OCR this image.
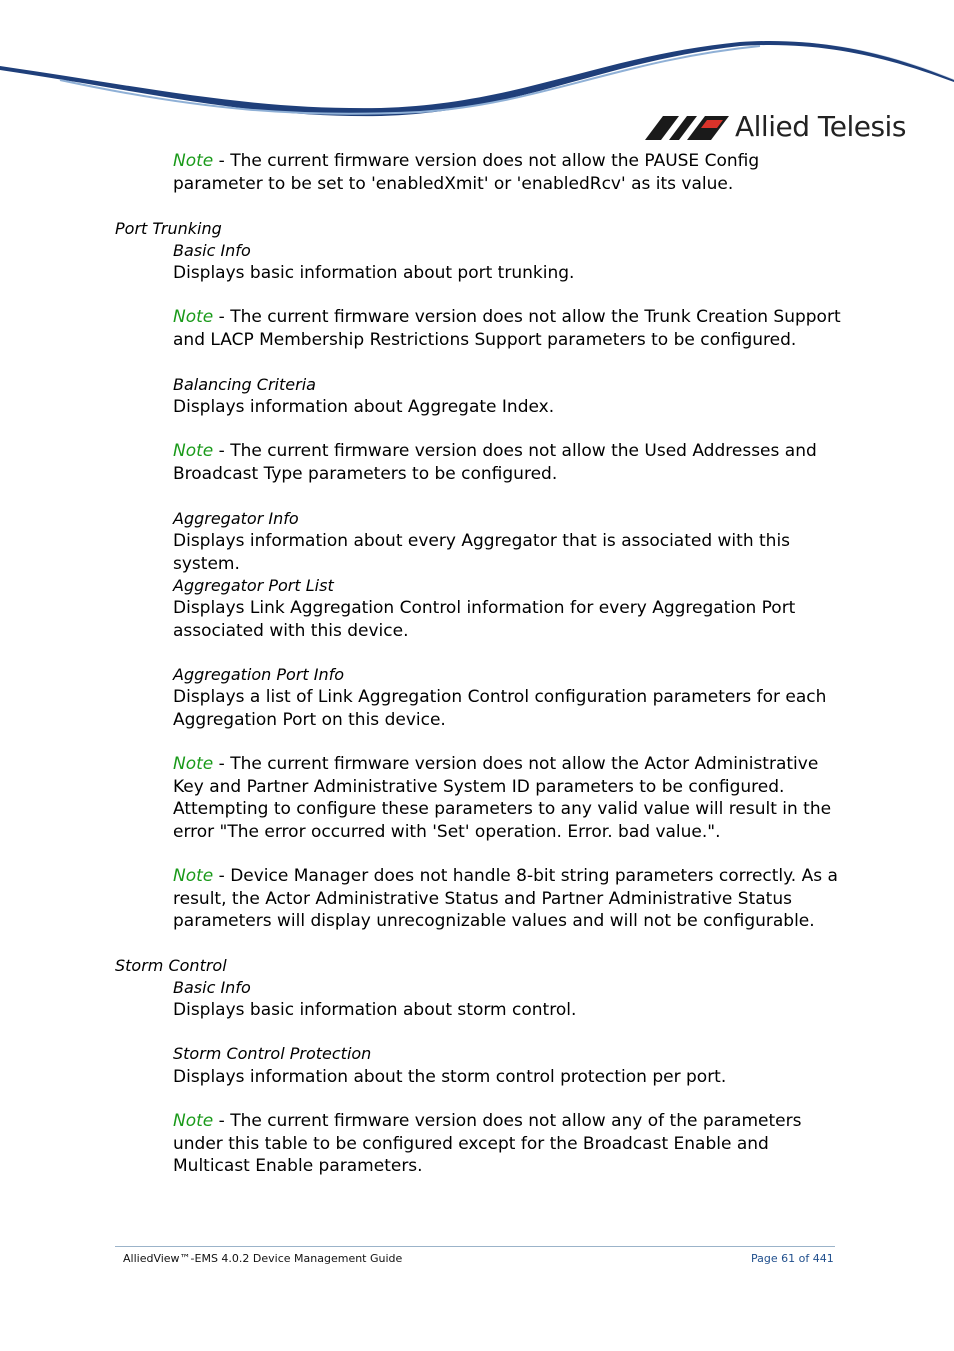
Allied Telesis
Note - The current firmware version does not allow the PAUSE Config parameter to be set to 'enabledXmit' or 'enabledRcv' as its value.
Port Trunking
Basic Info
Displays basic information about port trunking.
Note - The current firmware version does not allow the Trunk Creation Support and LACP Membership Restrictions Support parameters to be configured.
Balancing Criteria
Displays information about Aggregate Index.
Note - The current firmware version does not allow the Used Addresses and Broadcast Type parameters to be configured.
Aggregator Info
Displays information about every Aggregator that is associated with this system.
Aggregator Port List
Displays Link Aggregation Control information for every Aggregation Port associated with this device.
Aggregation Port Info
Displays a list of Link Aggregation Control configuration parameters for each Aggregation Port on this device.
Note - The current firmware version does not allow the Actor Administrative Key and Partner Administrative System ID parameters to be configured. Attempting to configure these parameters to any valid value will result in the error "The error occurred with 'Set' operation. Error. bad value.".
Note - Device Manager does not handle 8-bit string parameters correctly. As a result, the Actor Administrative Status and Partner Administrative Status parameters will display unrecognizable values and will not be configurable.
Storm Control
Basic Info
Displays basic information about storm control.
Storm Control Protection
Displays information about the storm control protection per port.
Note - The current firmware version does not allow any of the parameters under this table to be configured except for the Broadcast Enable and Multicast Enable parameters.
AlliedView™-EMS 4.0.2 Device Management Guide	Page 61 of 441
